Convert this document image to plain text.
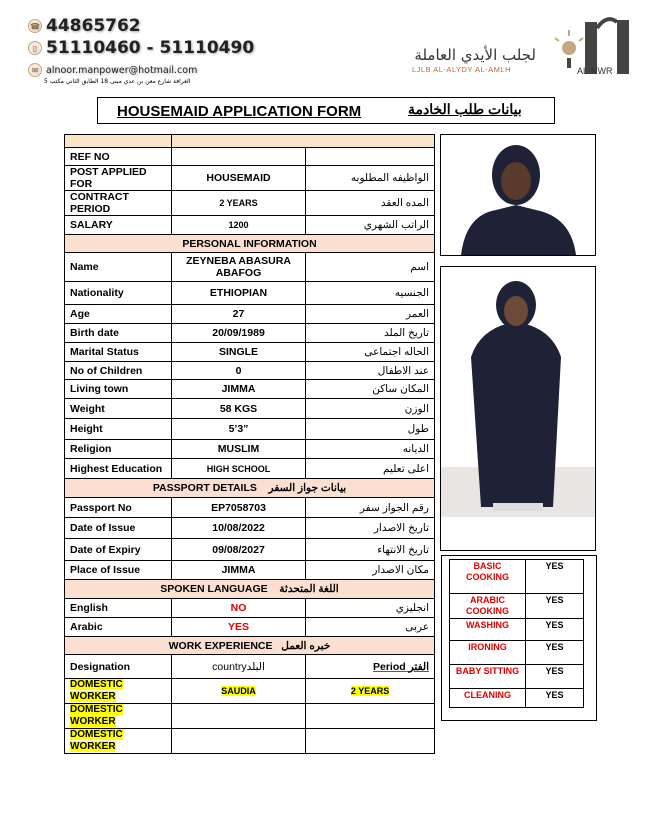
☎ 44865762
▯ 51110460 - 51110490
✉ alnoor.manpower@hotmail.com
الغرافة شارع معن بن عدي مبنى 18 الطابق الثاني مكتب 5
لجلب الأيدي العاملة
LJLB AL-ALYDY AL-AMLH	AL-NWR
HOUSEMAID APPLICATION FORM	بيانات طلب الخادمة

REF NO		
POST APPLIED FOR	HOUSEMAID	الواظيفه المطلوبه
CONTRACT PERIOD	2 YEARS	المده العقد
SALARY	1200	الراتب الشهري
PERSONAL INFORMATION		
Name	ZEYNEBA ABASURA ABAFOG	اسم
Nationality	ETHIOPIAN	الجنسيه
Age	27	العمر
Birth date	20/09/1989	تاريخ الملد
Marital Status	SINGLE	الحاله اجتماعى
No of Children	0	عند الاطفال
Living town	JIMMA	المكان ساكن
Weight	58 KGS	الوزن
Height	5’3”	طول
Religion	MUSLIM	الديانه
Highest Education	HIGH SCHOOL	اعلى تعليم
PASSPORT DETAILS بيانات جواز السفر		
Passport No	EP7058703	رقم الجواز سفر
Date of Issue	10/08/2022	تاريخ الاصدار
Date of Expiry	09/08/2027	تاريخ الانتهاء
Place of Issue	JIMMA	مكان الاصدار
SPOKEN LANGUAGE اللغة المتحدثة		
English	NO	انجليزي
Arabic	YES	عربى
WORK EXPERIENCE خبره العمل		
Designation	countryالبلد	الفتر Period
DOMESTIC WORKER	SAUDIA	2 YEARS
DOMESTIC WORKER		
DOMESTIC WORKER		
BASIC COOKING	YES
ARABIC COOKING	YES
WASHING	YES
IRONING	YES
BABY SITTING	YES
CLEANING	YES
